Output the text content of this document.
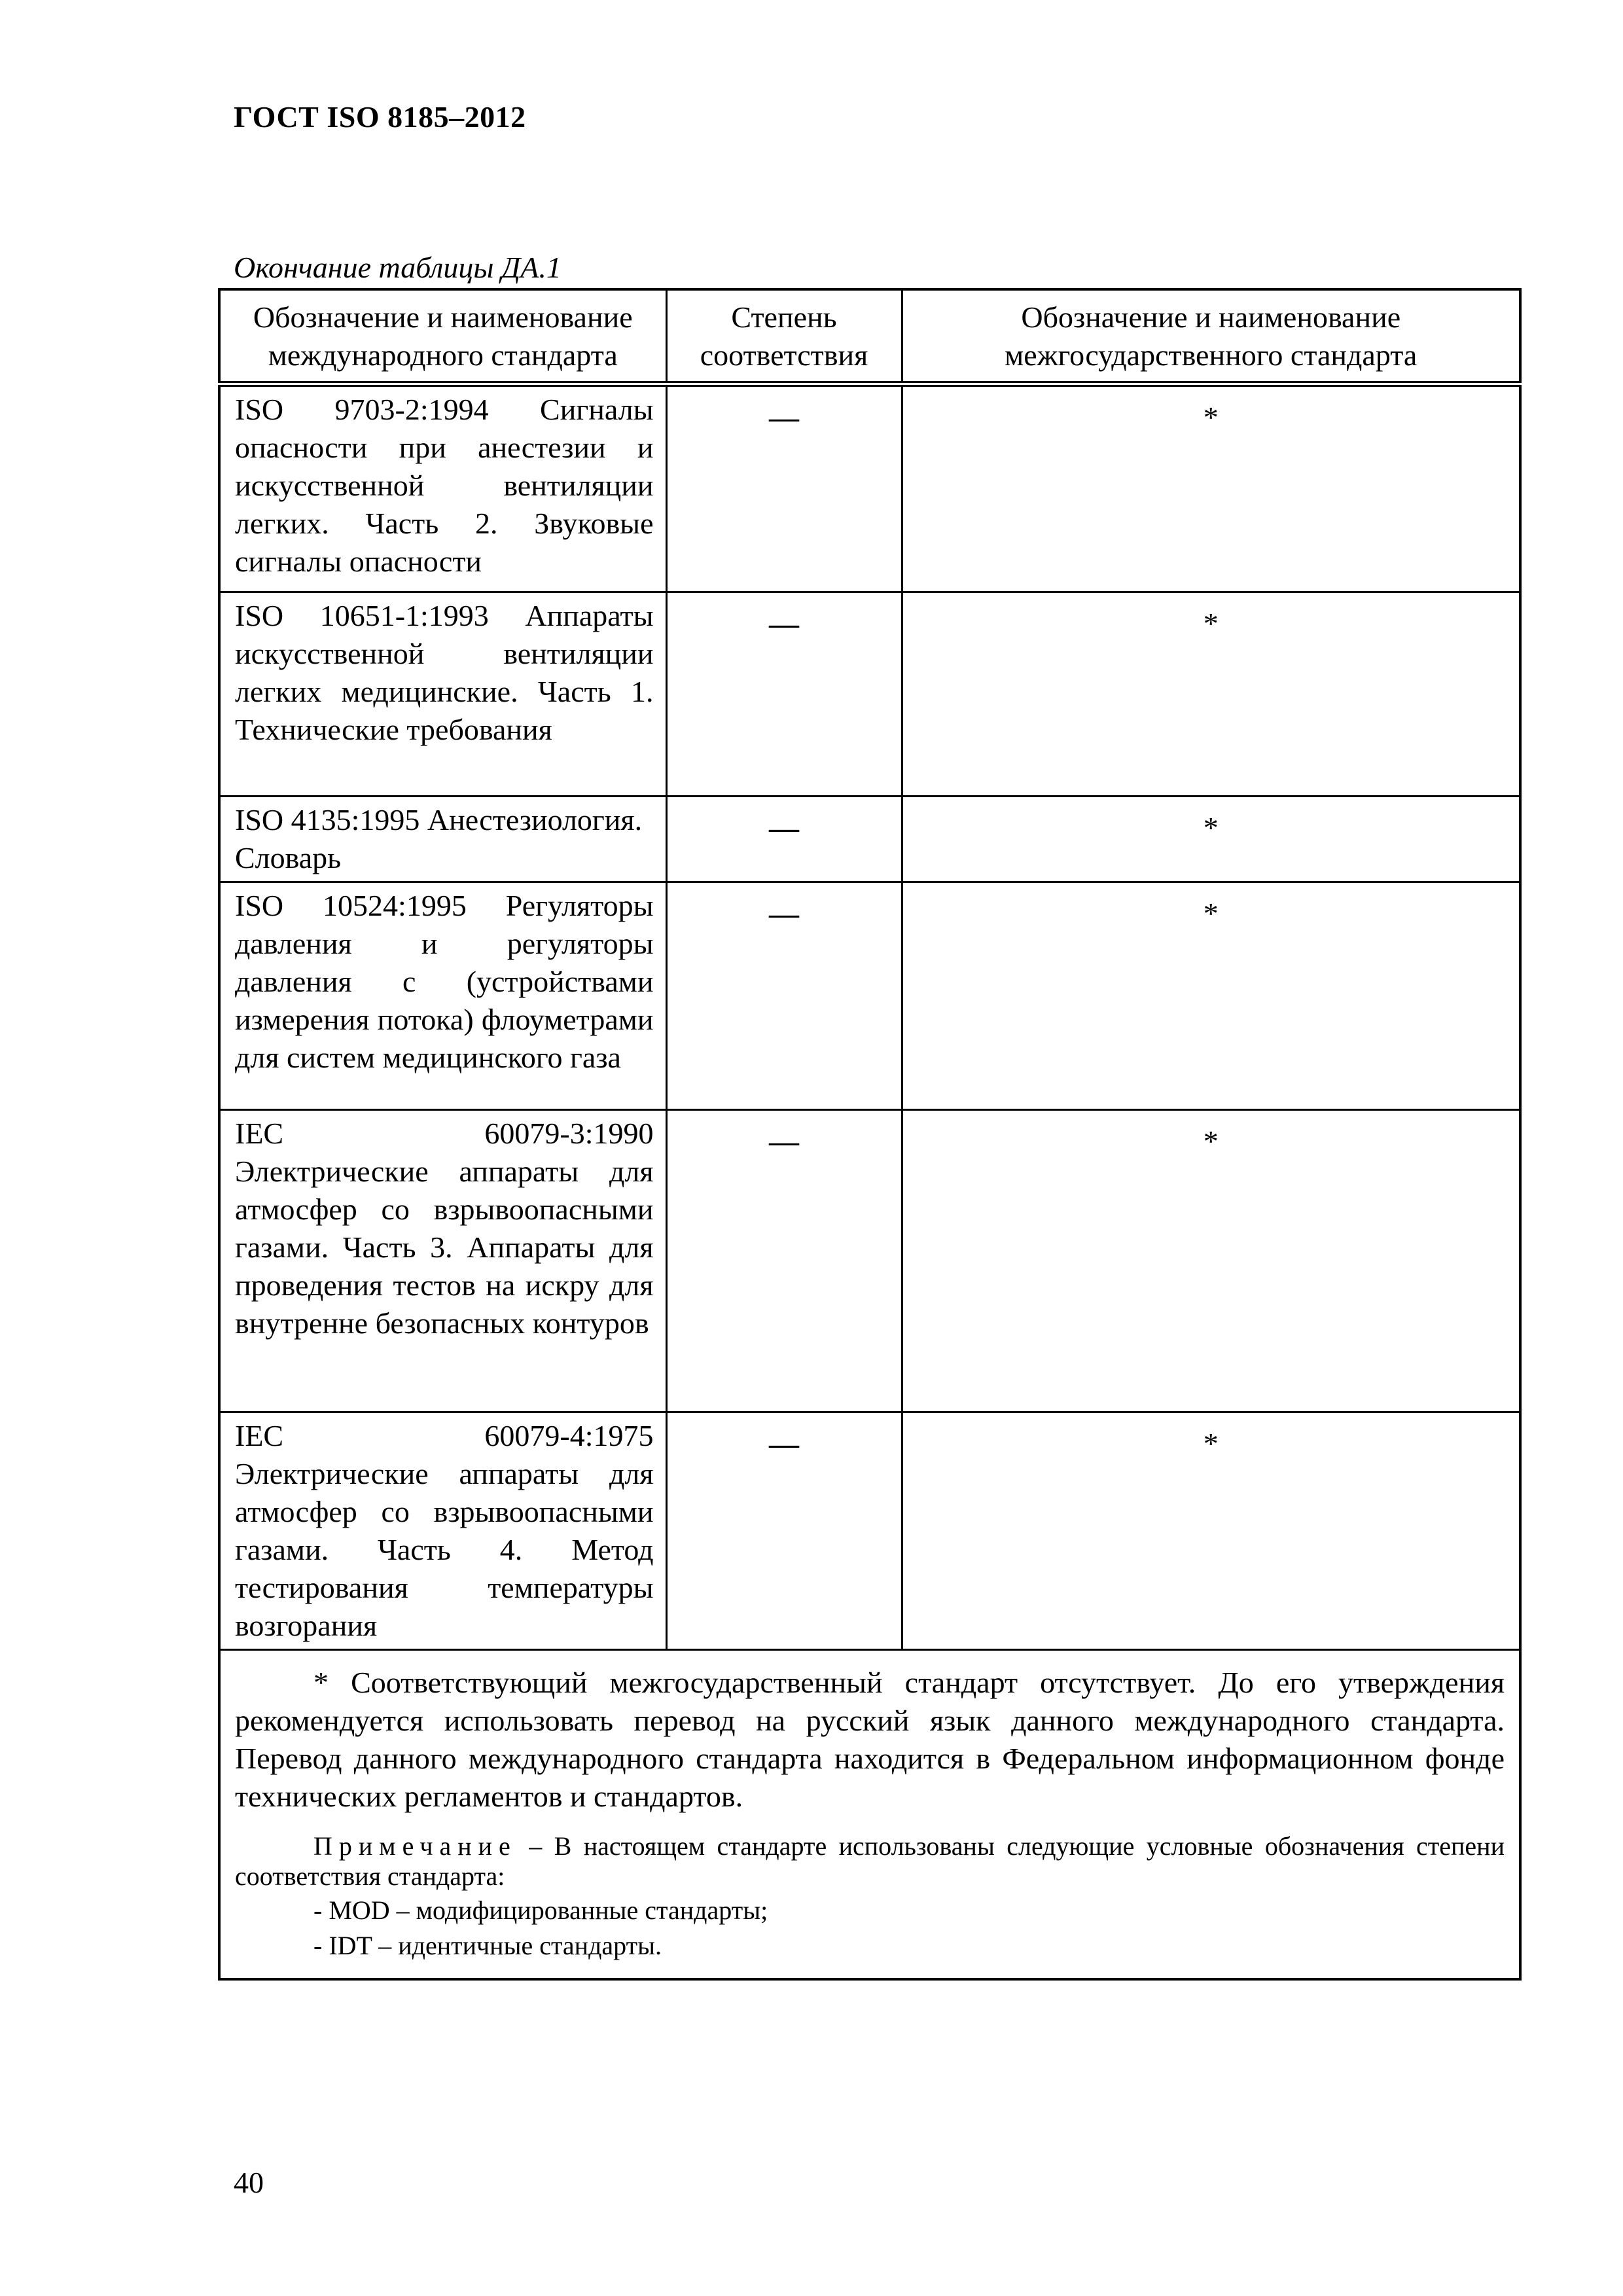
ГОСТ ISO 8185–2012
Окончание таблицы ДА.1
Обозначение и наименование международного стандарта	Степень соответствия	Обозначение и наименование межгосударственного стандарта
ISO 9703-2:1994 Сигналы опасности при анестезии и искусственной вентиляции легких. Часть 2. Звуковые сигналы опасности	—	*
ISO 10651-1:1993 Аппараты искусственной вентиляции легких медицинские. Часть 1. Технические требования	—	*
ISO 4135:1995 Анестезиология. Словарь	—	*
ISO 10524:1995 Регуляторы давления и регуляторы давления с (устройствами измерения потока) флоуметрами для систем медицинского газа	—	*
IEC 60079-3:1990 Электрические аппараты для атмосфер со взрывоопасными газами. Часть 3. Аппараты для проведения тестов на искру для внутренне безопасных контуров	—	*
IEC 60079-4:1975 Электрические аппараты для атмосфер со взрывоопасными газами. Часть 4. Метод тестирования температуры возгорания	—	*

* Соответствующий межгосударственный стандарт отсутствует. До его утверждения рекомендуется использовать перевод на русский язык данного международного стандарта. Перевод данного международного стандарта находится в Федеральном информационном фонде технических регламентов и стандартов.

Примечание – В настоящем стандарте использованы следующие условные обозначения степени соответствия стандарта:

- MOD – модифицированные стандарты;

- IDT – идентичные стандарты.		

40
